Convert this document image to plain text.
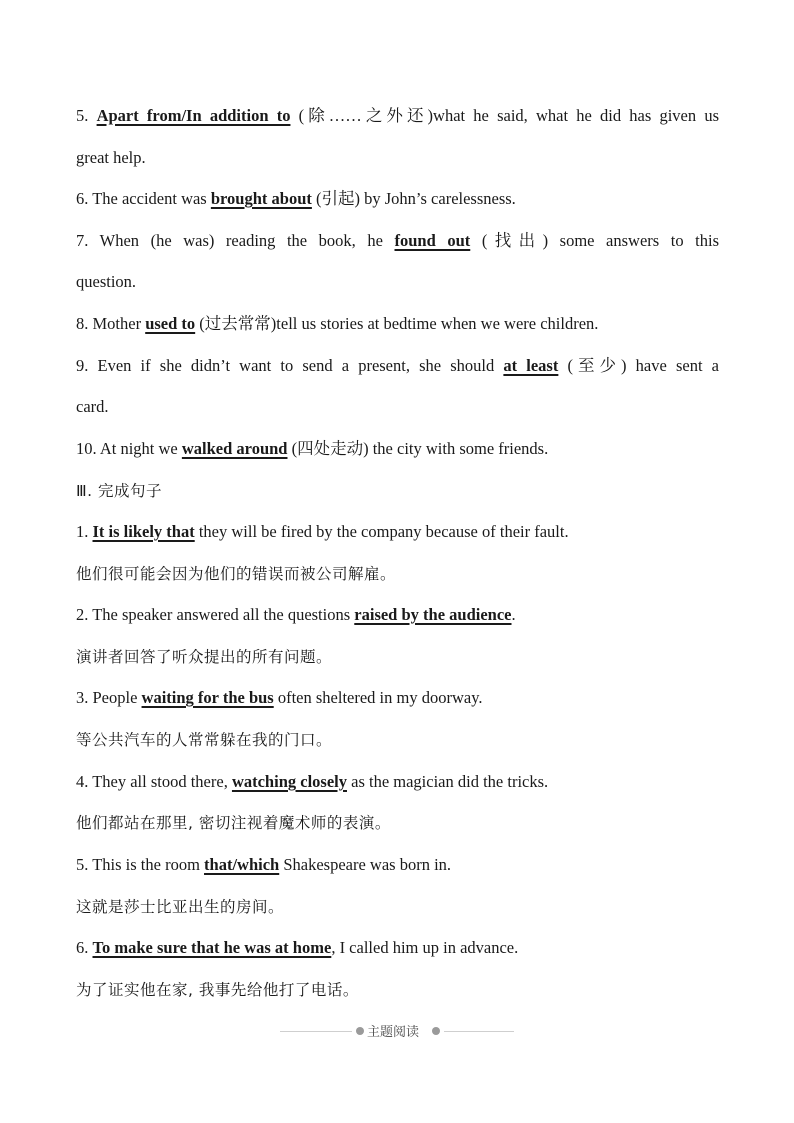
5. Apart from/In addition to (除……之外还)what he said, what he did has given us
great help.
6. The accident was brought about (引起) by John’s carelessness.
7. When (he was) reading the book, he found out (找出) some answers to this
question.
8. Mother used to (过去常常)tell us stories at bedtime when we were children.
9. Even if she didn’t want to send a present, she should at least (至少) have sent a
card.
10. At night we walked around (四处走动) the city with some friends.
Ⅲ. 完成句子
1. It is likely that they will be fired by the company because of their fault.
他们很可能会因为他们的错误而被公司解雇。
2. The speaker answered all the questions raised by the audience.
演讲者回答了听众提出的所有问题。
3. People waiting for the bus often sheltered in my doorway.
等公共汽车的人常常躲在我的门口。
4. They all stood there, watching closely as the magician did the tricks.
他们都站在那里, 密切注视着魔术师的表演。
5. This is the room that/which Shakespeare was born in.
这就是莎士比亚出生的房间。
6. To make sure that he was at home, I called him up in advance.
为了证实他在家, 我事先给他打了电话。
主题阅读
